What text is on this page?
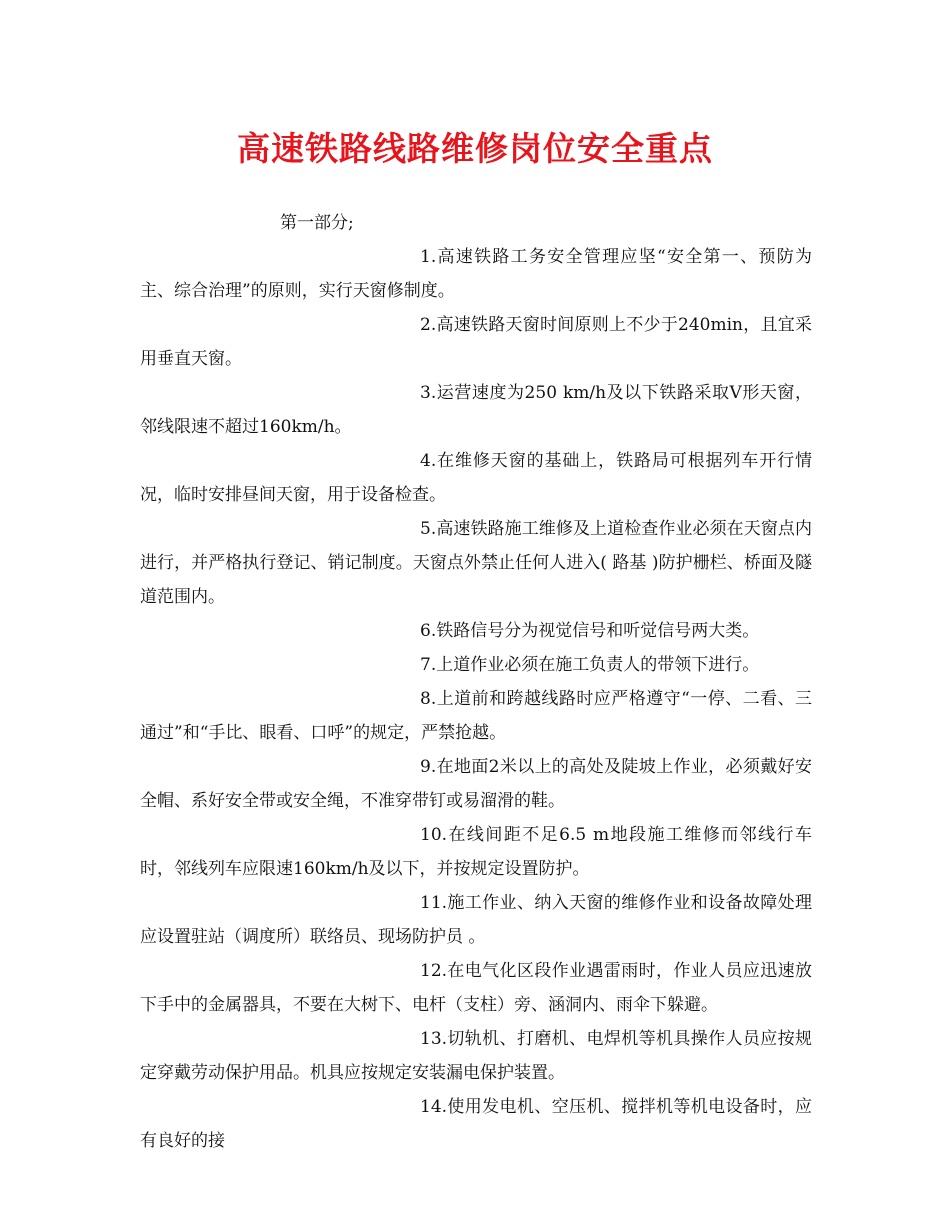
高速铁路线路维修岗位安全重点

第一部分;

1.高速铁路工务安全管理应坚“安全第一、预防为主、综合治理”的原则，实行天窗修制度。

2.高速铁路天窗时间原则上不少于240min，且宜采用垂直天窗。

3.运营速度为250 km/h及以下铁路采取V形天窗，邻线限速不超过160km/h。

4.在维修天窗的基础上，铁路局可根据列车开行情况，临时安排昼间天窗，用于设备检查。

5.高速铁路施工维修及上道检查作业必须在天窗点内进行，并严格执行登记、销记制度。天窗点外禁止任何人进入( 路基 )防护栅栏、桥面及隧道范围内。

6.铁路信号分为视觉信号和听觉信号两大类。

7.上道作业必须在施工负责人的带领下进行。

8.上道前和跨越线路时应严格遵守“一停、二看、三通过”和“手比、眼看、口呼”的规定，严禁抢越。

9.在地面2米以上的高处及陡坡上作业，必须戴好安全帽、系好安全带或安全绳，不准穿带钉或易溜滑的鞋。

10.在线间距不足6.5 m地段施工维修而邻线行车时，邻线列车应限速160km/h及以下，并按规定设置防护。

11.施工作业、纳入天窗的维修作业和设备故障处理应设置驻站（调度所）联络员、现场防护员 。

12.在电气化区段作业遇雷雨时，作业人员应迅速放下手中的金属器具，不要在大树下、电杆（支柱）旁、涵洞内、雨伞下躲避。

13.切轨机、打磨机、电焊机等机具操作人员应按规定穿戴劳动保护用品。机具应按规定安装漏电保护装置。

14.使用发电机、空压机、搅拌机等机电设备时，应有良好的接
